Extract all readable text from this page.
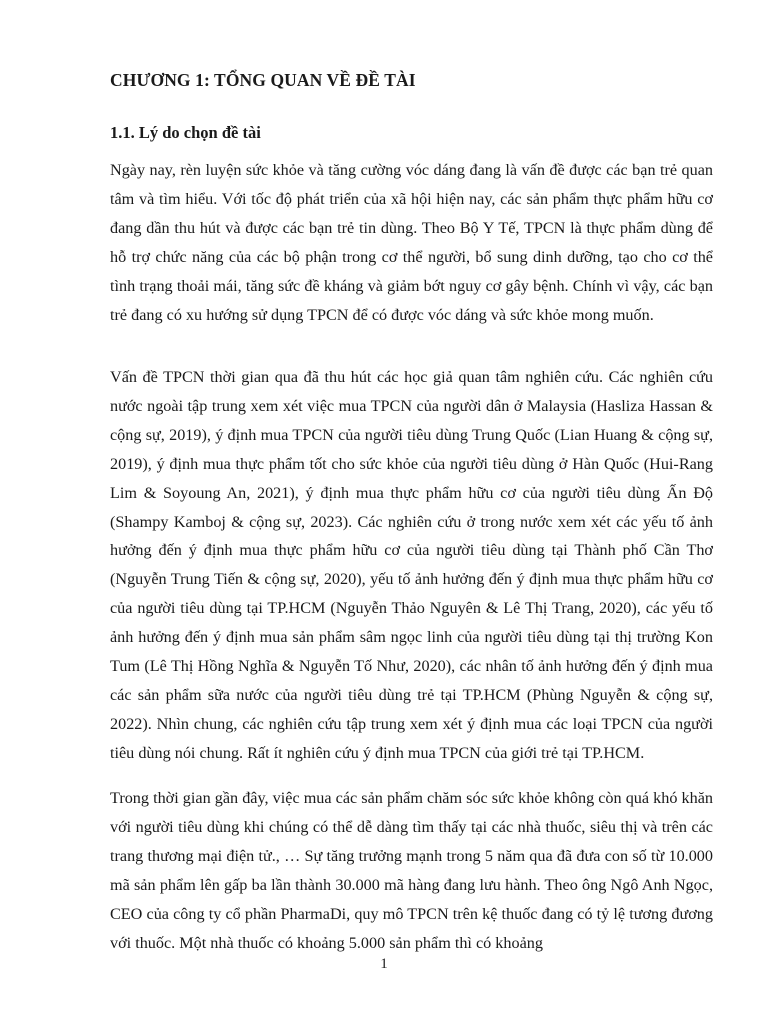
CHƯƠNG 1: TỔNG QUAN VỀ ĐỀ TÀI
1.1. Lý do chọn đề tài

Ngày nay, rèn luyện sức khỏe và tăng cường vóc dáng đang là vấn đề được các bạn trẻ quan tâm và tìm hiểu. Với tốc độ phát triển của xã hội hiện nay, các sản phẩm thực phẩm hữu cơ đang dần thu hút và được các bạn trẻ tin dùng. Theo Bộ Y Tế, TPCN là thực phẩm dùng để hỗ trợ chức năng của các bộ phận trong cơ thể người, bổ sung dinh dưỡng, tạo cho cơ thể tình trạng thoải mái, tăng sức đề kháng và giảm bớt nguy cơ gây bệnh. Chính vì vậy, các bạn trẻ đang có xu hướng sử dụng TPCN để có được vóc dáng và sức khỏe mong muốn.

Vấn đề TPCN thời gian qua đã thu hút các học giả quan tâm nghiên cứu. Các nghiên cứu nước ngoài tập trung xem xét việc mua TPCN của người dân ở Malaysia (Hasliza Hassan & cộng sự, 2019), ý định mua TPCN của người tiêu dùng Trung Quốc (Lian Huang & cộng sự, 2019), ý định mua thực phẩm tốt cho sức khỏe của người tiêu dùng ở Hàn Quốc (Hui-Rang Lim & Soyoung An, 2021), ý định mua thực phẩm hữu cơ của người tiêu dùng Ấn Độ (Shampy Kamboj & cộng sự, 2023). Các nghiên cứu ở trong nước xem xét các yếu tố ảnh hưởng đến ý định mua thực phẩm hữu cơ của người tiêu dùng tại Thành phố Cần Thơ (Nguyễn Trung Tiến & cộng sự, 2020), yếu tố ảnh hưởng đến ý định mua thực phẩm hữu cơ của người tiêu dùng tại TP.HCM (Nguyễn Thảo Nguyên & Lê Thị Trang, 2020), các yếu tố ảnh hưởng đến ý định mua sản phẩm sâm ngọc linh của người tiêu dùng tại thị trường Kon Tum (Lê Thị Hồng Nghĩa & Nguyễn Tố Như, 2020), các nhân tố ảnh hưởng đến ý định mua các sản phẩm sữa nước của người tiêu dùng trẻ tại TP.HCM (Phùng Nguyễn & cộng sự, 2022). Nhìn chung, các nghiên cứu tập trung xem xét ý định mua các loại TPCN của người tiêu dùng nói chung. Rất ít nghiên cứu ý định mua TPCN của giới trẻ tại TP.HCM.

Trong thời gian gần đây, việc mua các sản phẩm chăm sóc sức khỏe không còn quá khó khăn với người tiêu dùng khi chúng có thể dễ dàng tìm thấy tại các nhà thuốc, siêu thị và trên các trang thương mại điện tử., … Sự tăng trưởng mạnh trong 5 năm qua đã đưa con số từ 10.000 mã sản phẩm lên gấp ba lần thành 30.000 mã hàng đang lưu hành. Theo ông Ngô Anh Ngọc, CEO của công ty cổ phần PharmaDi, quy mô TPCN trên kệ thuốc đang có tỷ lệ tương đương với thuốc. Một nhà thuốc có khoảng 5.000 sản phẩm thì có khoảng

1
